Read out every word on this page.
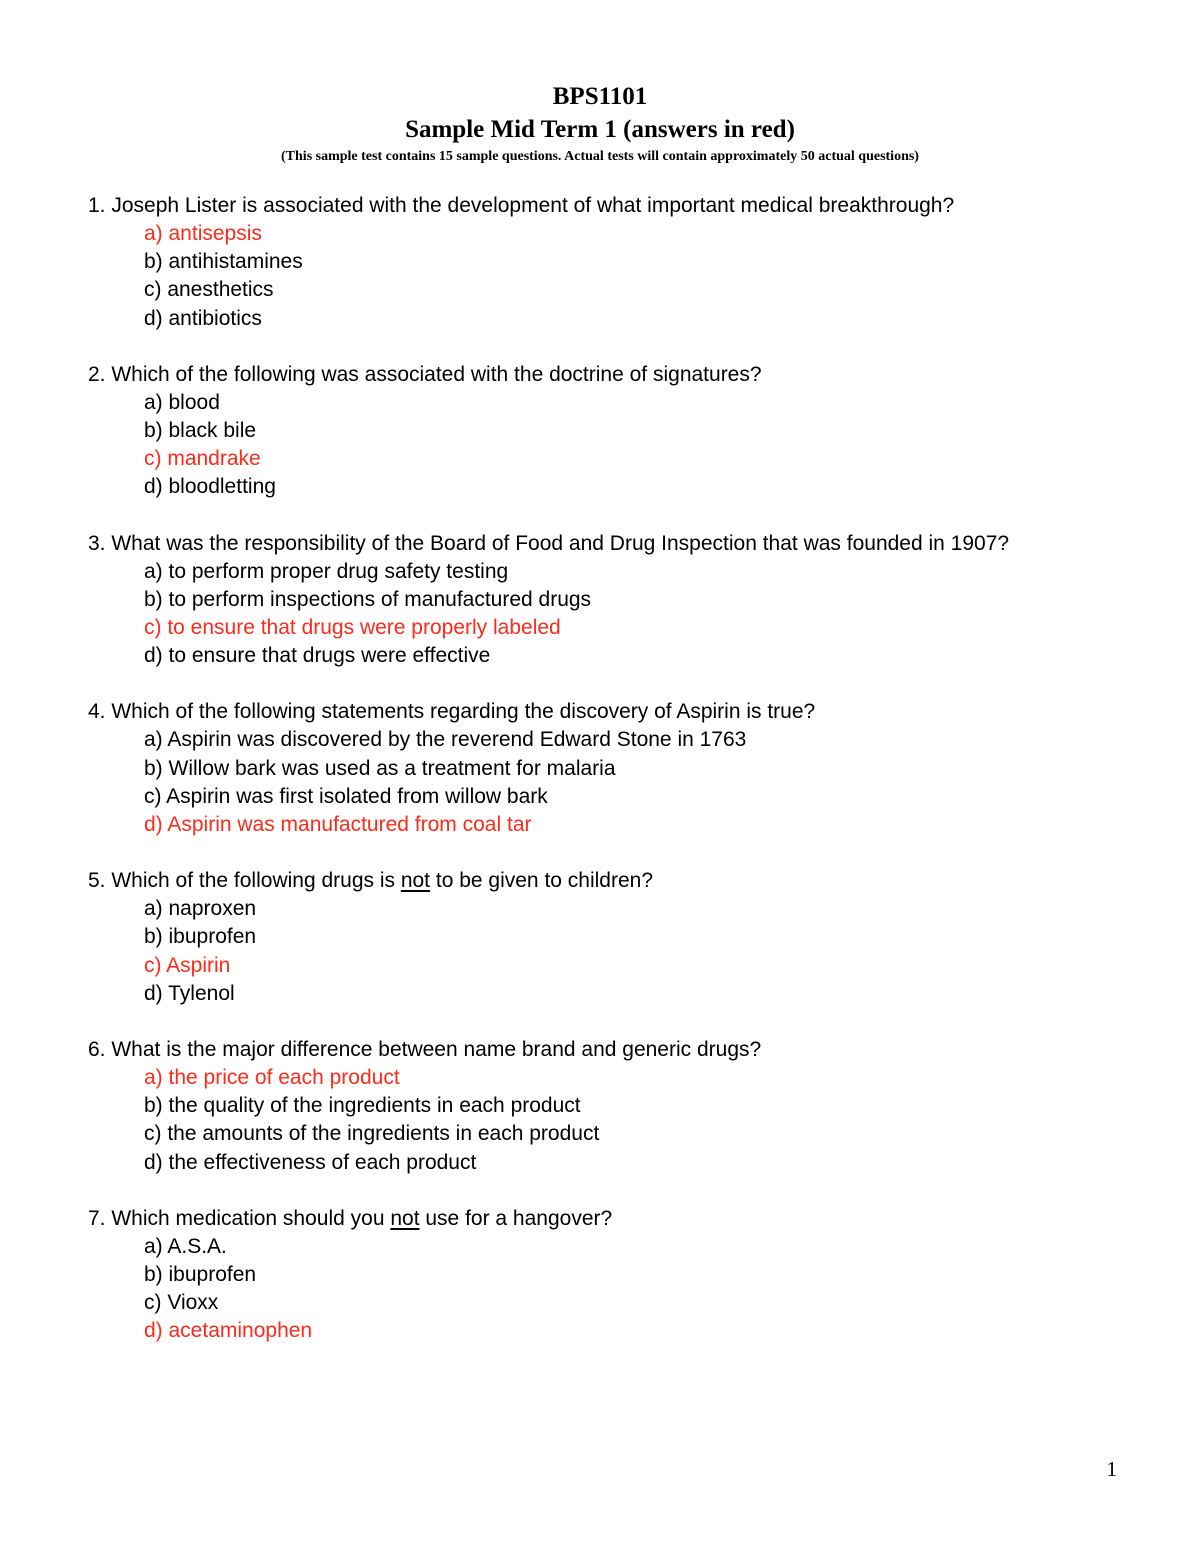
BPS1101
Sample Mid Term 1 (answers in red)
(This sample test contains 15 sample questions. Actual tests will contain approximately 50 actual questions)
1. Joseph Lister is associated with the development of what important medical breakthrough?
a) antisepsis
b) antihistamines
c) anesthetics
d) antibiotics
2. Which of the following was associated with the doctrine of signatures?
a) blood
b) black bile
c) mandrake
d) bloodletting
3. What was the responsibility of the Board of Food and Drug Inspection that was founded in 1907?
a) to perform proper drug safety testing
b) to perform inspections of manufactured drugs
c) to ensure that drugs were properly labeled
d) to ensure that drugs were effective
4. Which of the following statements regarding the discovery of Aspirin is true?
a) Aspirin was discovered by the reverend Edward Stone in 1763
b) Willow bark was used as a treatment for malaria
c) Aspirin was first isolated from willow bark
d) Aspirin was manufactured from coal tar
5. Which of the following drugs is not to be given to children?
a) naproxen
b) ibuprofen
c) Aspirin
d) Tylenol
6. What is the major difference between name brand and generic drugs?
a) the price of each product
b) the quality of the ingredients in each product
c) the amounts of the ingredients in each product
d) the effectiveness of each product
7. Which medication should you not use for a hangover?
a) A.S.A.
b) ibuprofen
c) Vioxx
d) acetaminophen
1
